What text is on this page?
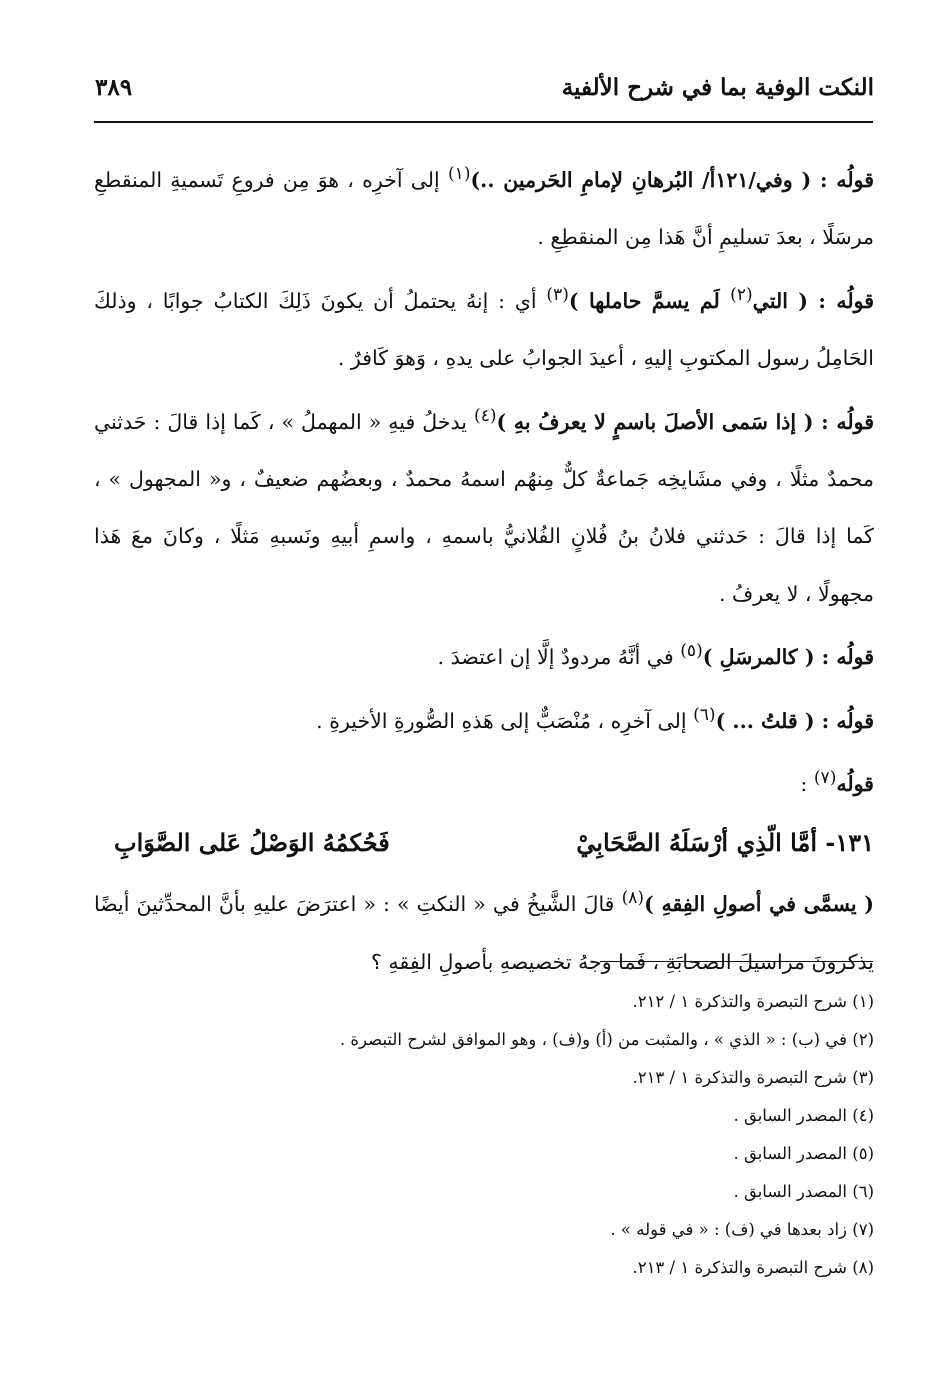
النكت الوفية بما في شرح الألفية
٣٨٩

قولُه : ( وفي/١٢١أ/ البُرهانِ لإمامِ الحَرمين ..)$^{(١)}$ إلى آخرِه ، هوَ مِن فروعِ تَسميةِ المنقطعِ مرسَلًا ، بعدَ تسليمِ أنَّ هَذا مِن المنقطِعِ .

قولُه : ( التي$^{(٢)}$ لَم يسمَّ حاملها )$^{(٣)}$ أي : إنهُ يحتملُ أن يكونَ ذَلِكَ الكتابُ جوابًا ، وذلكَ الحَامِلُ رسول المكتوبِ إليهِ ، أعيدَ الجوابُ على يدهِ ، وَهوَ كَافرٌ .

قولُه : ( إذا سَمى الأصلَ باسمٍ لا يعرفُ بهِ )$^{(٤)}$ يدخلُ فيهِ « المهملُ » ، كَما إذا قالَ : حَدثني محمدٌ مثلًا ، وفي مشَايخِه جَماعةٌ كلٌّ مِنهُم اسمهُ محمدٌ ، وبعضُهم ضعيفٌ ، و« المجهول » ، كَما إذا قالَ : حَدثني فلانُ بنُ فُلانٍ الفُلانيُّ باسمهِ ، واسمِ أبيهِ ونَسبهِ مَثلًا ، وكانَ معَ هَذا مجهولًا ، لا يعرفُ .

قولُه : ( كالمرسَلِ )$^{(٥)}$ في أنَّهُ مردودٌ إلَّا إن اعتضدَ .

قولُه : ( قلتُ ... )$^{(٦)}$ إلى آخرِه ، مُنْصَبٌّ إلى هَذهِ الصُّورةِ الأخيرةِ .

قولُه$^{(٧)}$ :

١٣١- أمَّا الّذِي أرْسَلَهُ الصَّحَابِيْ
فَحُكمُهُ الوَصْلُ عَلى الصَّوَابِ

( يسمَّى في أصولِ الفِقهِ )$^{(٨)}$ قالَ الشَّيخُ في « النكتِ » : « اعترَضَ عليهِ بأنَّ المحدِّثينَ أيضًا يذكرونَ مراسيلَ الصحابَةِ ، فَما وجهُ تخصيصهِ بأصولِ الفِقهِ ؟

(١) شرح التبصرة والتذكرة ١ / ٢١٢.

(٢) في (ب) : « الذي » ، والمثبت من (أ) و(ف) ، وهو الموافق لشرح التبصرة .

(٣) شرح التبصرة والتذكرة ١ / ٢١٣.

(٤) المصدر السابق .

(٥) المصدر السابق .

(٦) المصدر السابق .

(٧) زاد بعدها في (ف) : « في قوله » .

(٨) شرح التبصرة والتذكرة ١ / ٢١٣.
